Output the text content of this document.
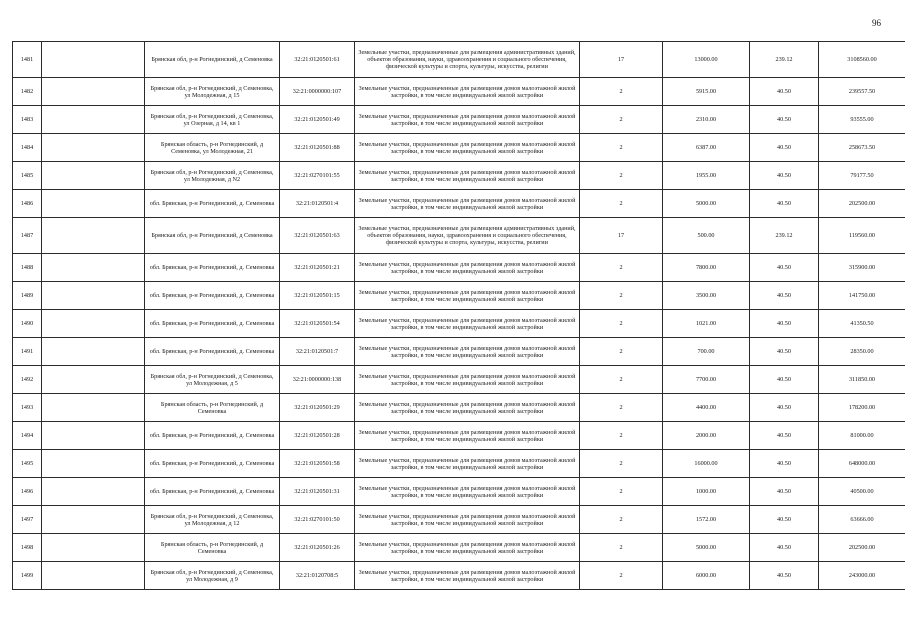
96
1481		Брянская обл, р-н Рогнединский, д Семеновка	32:21:0120501:61	Земельные участки, предназначенные для размещения административных зданий, объектов образования, науки, здравоохранения и социального обеспечения, физической культуры и спорта, культуры, искусства, религии	17	13000.00	239.12	3108560.00
1482		Брянская обл, р-н Рогнединский, д Семеновка, ул Молодежная, д 15	32:21:0000000:107	Земельные участки, предназначенные для размещения домов малоэтажной жилой застройки, в том числе индивидуальной жилой застройки	2	5915.00	40.50	239557.50
1483		Брянская обл, р-н Рогнединский, д Семеновка, ул Озерная, д 14, кв 1	32:21:0120501:49	Земельные участки, предназначенные для размещения домов малоэтажной жилой застройки, в том числе индивидуальной жилой застройки	2	2310.00	40.50	93555.00
1484		Брянская область, р-н Рогнединский, д Семеновка, ул Молодежная, 21	32:21:0120501:88	Земельные участки, предназначенные для размещения домов малоэтажной жилой застройки, в том числе индивидуальной жилой застройки	2	6387.00	40.50	258673.50
1485		Брянская обл, р-н Рогнединский, д Семеновка, ул Молодежная, д N2	32:21:0270101:55	Земельные участки, предназначенные для размещения домов малоэтажной жилой застройки, в том числе индивидуальной жилой застройки	2	1955.00	40.50	79177.50
1486		обл. Брянская, р-н Рогнединский, д. Семеновка	32:21:0120501:4	Земельные участки, предназначенные для размещения домов малоэтажной жилой застройки, в том числе индивидуальной жилой застройки	2	5000.00	40.50	202500.00
1487		Брянская обл, р-н Рогнединский, д Семеновка	32:21:0120501:63	Земельные участки, предназначенные для размещения административных зданий, объектов образования, науки, здравоохранения и социального обеспечения, физической культуры и спорта, культуры, искусства, религии	17	500.00	239.12	119560.00
1488		обл. Брянская, р-н Рогнединский, д. Семеновка	32:21:0120501:21	Земельные участки, предназначенные для размещения домов малоэтажной жилой застройки, в том числе индивидуальной жилой застройки	2	7800.00	40.50	315900.00
1489		обл. Брянская, р-н Рогнединский, д. Семеновка	32:21:0120501:15	Земельные участки, предназначенные для размещения домов малоэтажной жилой застройки, в том числе индивидуальной жилой застройки	2	3500.00	40.50	141750.00
1490		обл. Брянская, р-н Рогнединский, д. Семеновка	32:21:0120501:54	Земельные участки, предназначенные для размещения домов малоэтажной жилой застройки, в том числе индивидуальной жилой застройки	2	1021.00	40.50	41350.50
1491		обл. Брянская, р-н Рогнединский, д. Семеновка	32:21:0120501:7	Земельные участки, предназначенные для размещения домов малоэтажной жилой застройки, в том числе индивидуальной жилой застройки	2	700.00	40.50	28350.00
1492		Брянская обл, р-н Рогнединский, д Семеновка, ул Молодежная, д 5	32:21:0000000:138	Земельные участки, предназначенные для размещения домов малоэтажной жилой застройки, в том числе индивидуальной жилой застройки	2	7700.00	40.50	311850.00
1493		Брянская область, р-н Рогнединский, д Семеновка	32:21:0120501:29	Земельные участки, предназначенные для размещения домов малоэтажной жилой застройки, в том числе индивидуальной жилой застройки	2	4400.00	40.50	178200.00
1494		обл. Брянская, р-н Рогнединский, д. Семеновка	32:21:0120501:28	Земельные участки, предназначенные для размещения домов малоэтажной жилой застройки, в том числе индивидуальной жилой застройки	2	2000.00	40.50	81000.00
1495		обл. Брянская, р-н Рогнединский, д. Семеновка	32:21:0120501:58	Земельные участки, предназначенные для размещения домов малоэтажной жилой застройки, в том числе индивидуальной жилой застройки	2	16000.00	40.50	648000.00
1496		обл. Брянская, р-н Рогнединский, д. Семеновка	32:21:0120501:31	Земельные участки, предназначенные для размещения домов малоэтажной жилой застройки, в том числе индивидуальной жилой застройки	2	1000.00	40.50	40500.00
1497		Брянская обл, р-н Рогнединский, д Семеновка, ул Молодежная, д 12	32:21:0270101:50	Земельные участки, предназначенные для размещения домов малоэтажной жилой застройки, в том числе индивидуальной жилой застройки	2	1572.00	40.50	63666.00
1498		Брянская область, р-н Рогнединский, д Семеновка	32:21:0120501:26	Земельные участки, предназначенные для размещения домов малоэтажной жилой застройки, в том числе индивидуальной жилой застройки	2	5000.00	40.50	202500.00
1499		Брянская обл, р-н Рогнединский, д Семеновка, ул Молодежная, д 9	32:21:0120708:5	Земельные участки, предназначенные для размещения домов малоэтажной жилой застройки, в том числе индивидуальной жилой застройки	2	6000.00	40.50	243000.00
